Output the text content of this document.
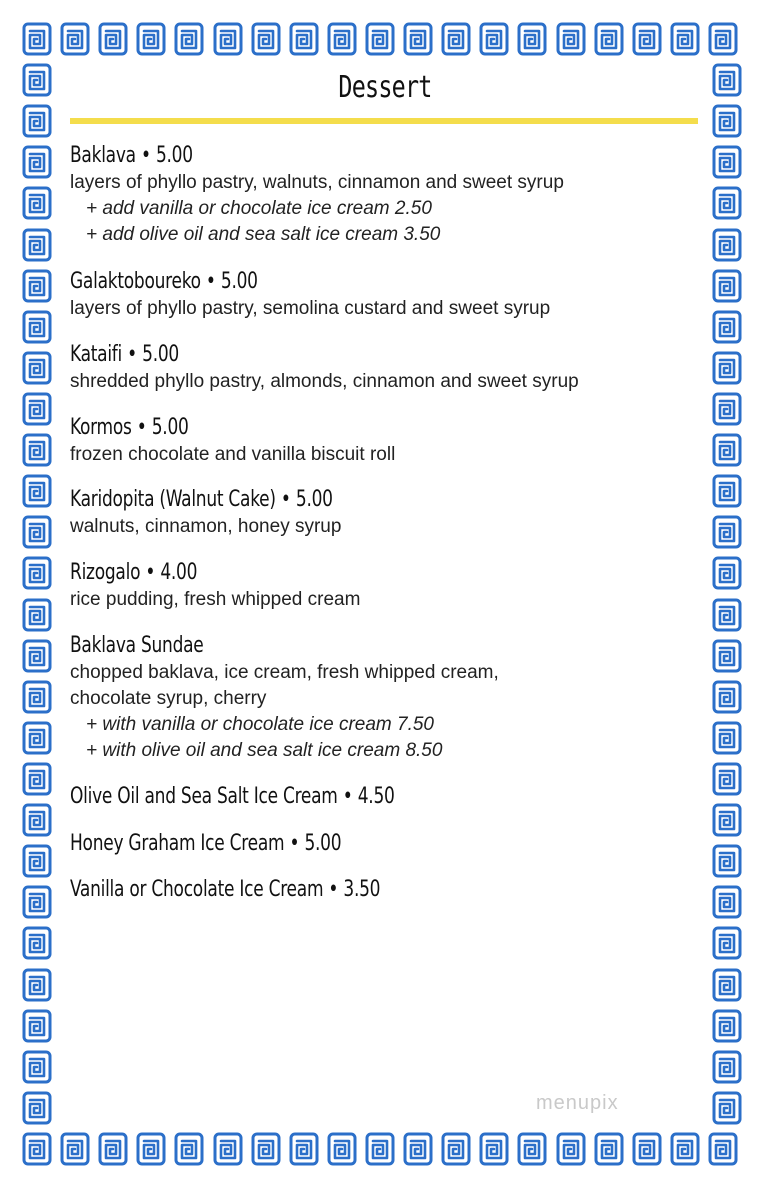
Dessert
Baklava • 5.00
layers of phyllo pastry, walnuts, cinnamon and sweet syrup
+ add vanilla or chocolate ice cream 2.50
+ add olive oil and sea salt ice cream 3.50
Galaktoboureko • 5.00
layers of phyllo pastry, semolina custard and sweet syrup
Kataifi • 5.00
shredded phyllo pastry, almonds, cinnamon and sweet syrup
Kormos • 5.00
frozen chocolate and vanilla biscuit roll
Karidopita (Walnut Cake) • 5.00
walnuts, cinnamon, honey syrup
Rizogalo • 4.00
rice pudding, fresh whipped cream
Baklava Sundae
chopped baklava, ice cream, fresh whipped cream,
chocolate syrup, cherry
+ with vanilla or chocolate ice cream 7.50
+ with olive oil and sea salt ice cream 8.50
Olive Oil and Sea Salt Ice Cream • 4.50
Honey Graham Ice Cream • 5.00
Vanilla or Chocolate Ice Cream • 3.50
menupix
